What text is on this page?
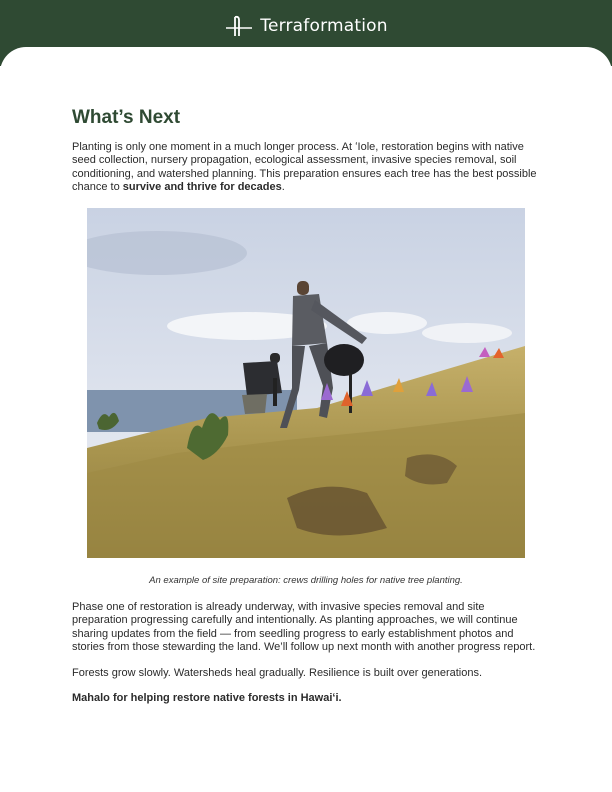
Terraformation
What’s Next

Planting is only one moment in a much longer process. At ʻIole, restoration begins with native seed collection, nursery propagation, ecological assessment, invasive species removal, soil conditioning, and watershed planning. This preparation ensures each tree has the best possible chance to survive and thrive for decades.

An example of site preparation: crews drilling holes for native tree planting.

Phase one of restoration is already underway, with invasive species removal and site preparation progressing carefully and intentionally. As planting approaches, we will continue sharing updates from the field — from seedling progress to early establishment photos and stories from those stewarding the land. We’ll follow up next month with another progress report.

Forests grow slowly. Watersheds heal gradually. Resilience is built over generations.

Mahalo for helping restore native forests in Hawaiʻi.
